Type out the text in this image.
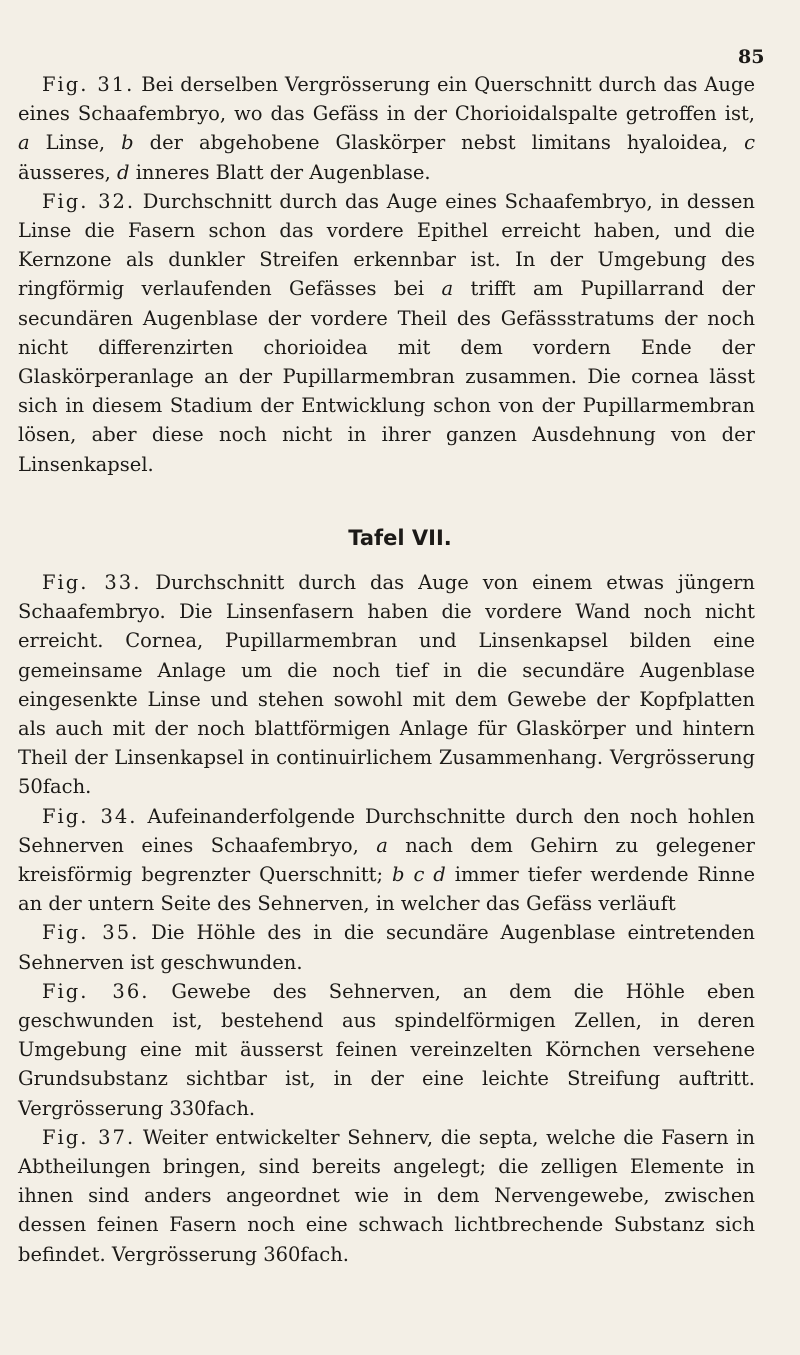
85

Fig. 31. Bei derselben Vergrösserung ein Querschnitt durch das Auge eines Schaafembryo, wo das Gefäss in der Chorioidalspalte getroffen ist, a Linse, b der abgehobene Glaskörper nebst limitans hyaloidea, c äusseres, d inneres Blatt der Augenblase.

Fig. 32. Durchschnitt durch das Auge eines Schaafembryo, in dessen Linse die Fasern schon das vordere Epithel erreicht haben, und die Kernzone als dunkler Streifen erkennbar ist. In der Umgebung des ringförmig verlaufenden Gefässes bei a trifft am Pupillarrand der secundären Augenblase der vordere Theil des Gefässstratums der noch nicht differenzirten chorioidea mit dem vordern Ende der Glaskörperanlage an der Pupillarmembran zusammen. Die cornea lässt sich in diesem Stadium der Entwicklung schon von der Pupillarmembran lösen, aber diese noch nicht in ihrer ganzen Ausdehnung von der Linsenkapsel.

Tafel VII.

Fig. 33. Durchschnitt durch das Auge von einem etwas jüngern Schaafembryo. Die Linsenfasern haben die vordere Wand noch nicht erreicht. Cornea, Pupillarmembran und Linsenkapsel bilden eine gemeinsame Anlage um die noch tief in die secundäre Augenblase eingesenkte Linse und stehen sowohl mit dem Gewebe der Kopfplatten als auch mit der noch blattförmigen Anlage für Glaskörper und hintern Theil der Linsenkapsel in continuirlichem Zusammenhang. Vergrösserung 50fach.

Fig. 34. Aufeinanderfolgende Durchschnitte durch den noch hohlen Sehnerven eines Schaafembryo, a nach dem Gehirn zu gelegener kreisförmig begrenzter Querschnitt; b c d immer tiefer werdende Rinne an der untern Seite des Sehnerven, in welcher das Gefäss verläuft

Fig. 35. Die Höhle des in die secundäre Augenblase eintretenden Sehnerven ist geschwunden.

Fig. 36. Gewebe des Sehnerven, an dem die Höhle eben geschwunden ist, bestehend aus spindelförmigen Zellen, in deren Umgebung eine mit äusserst feinen vereinzelten Körnchen versehene Grundsubstanz sichtbar ist, in der eine leichte Streifung auftritt. Vergrösserung 330fach.

Fig. 37. Weiter entwickelter Sehnerv, die septa, welche die Fasern in Abtheilungen bringen, sind bereits angelegt; die zelligen Elemente in ihnen sind anders angeordnet wie in dem Nervengewebe, zwischen dessen feinen Fasern noch eine schwach lichtbrechende Substanz sich befindet. Vergrösserung 360fach.
